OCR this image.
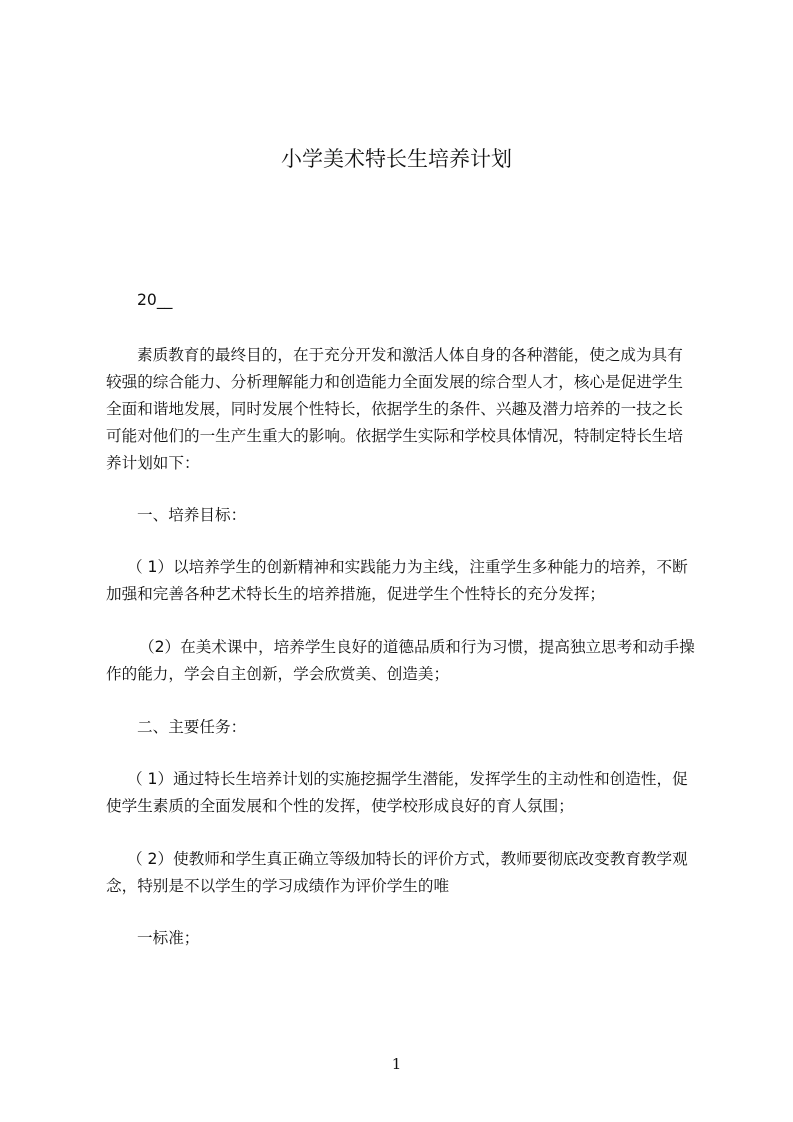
小学美术特长生培养计划
20__
素质教育的最终目的，在于充分开发和激活人体自身的各种潜能，使之成为具有
较强的综合能力、分析理解能力和创造能力全面发展的综合型人才，核心是促进学生
全面和谐地发展，同时发展个性特长，依据学生的条件、兴趣及潜力培养的一技之长
可能对他们的一生产生重大的影响。依据学生实际和学校具体情况，特制定特长生培
养计划如下：
一、培养目标：
（ 1）以培养学生的创新精神和实践能力为主线，注重学生多种能力的培养，不断
加强和完善各种艺术特长生的培养措施，促进学生个性特长的充分发挥；
（2）在美术课中，培养学生良好的道德品质和行为习惯，提高独立思考和动手操
作的能力，学会自主创新，学会欣赏美、创造美；
二、主要任务：
（ 1）通过特长生培养计划的实施挖掘学生潜能，发挥学生的主动性和创造性，促
使学生素质的全面发展和个性的发挥，使学校形成良好的育人氛围；
（ 2）使教师和学生真正确立等级加特长的评价方式，教师要彻底改变教育教学观
念，特别是不以学生的学习成绩作为评价学生的唯
一标准；
1
